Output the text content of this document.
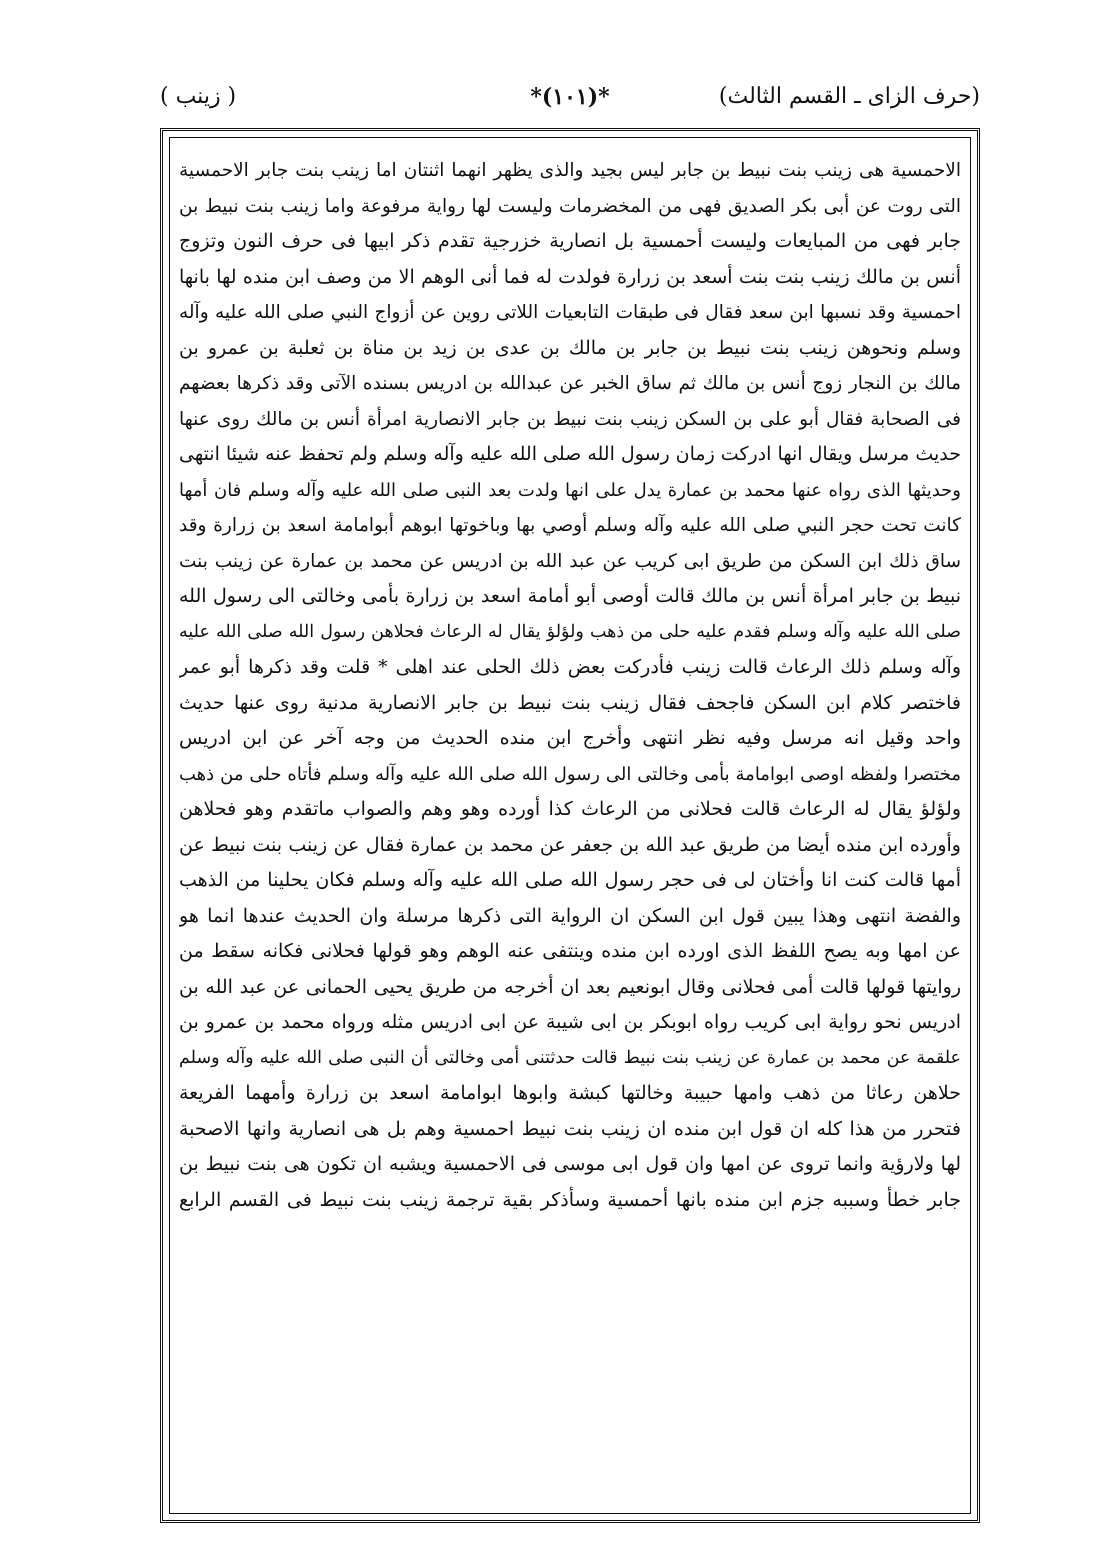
(حرف الزاى ـ القسم الثالث)
*(١٠١)*
( زينب )
الاحمسية هى زينب بنت نبيط بن جابر ليس بجيد والذى يظهر انهما اثنتان اما زينب بنت جابر الاحمسية
التى روت عن أبى بكر الصديق فهى من المخضرمات وليست لها رواية مرفوعة واما زينب بنت نبيط بن
جابر فهى من المبايعات وليست أحمسية بل انصارية خزرجية تقدم ذكر ابيها فى حرف النون وتزوج
أنس بن مالك زينب بنت بنت أسعد بن زرارة فولدت له فما أنى الوهم الا من وصف ابن منده لها بانها
احمسية وقد نسبها ابن سعد فقال فى طبقات التابعيات اللاتى روين عن أزواج النبي صلى الله عليه وآله
وسلم ونحوهن زينب بنت نبيط بن جابر بن مالك بن عدى بن زيد بن مناة بن ثعلبة بن عمرو بن
مالك بن النجار زوج أنس بن مالك ثم ساق الخبر عن عبدالله بن ادريس بسنده الآتى وقد ذكرها بعضهم
فى الصحابة فقال أبو على بن السكن زينب بنت نبيط بن جابر الانصارية امرأة أنس بن مالك روى عنها
حديث مرسل ويقال انها ادركت زمان رسول الله صلى الله عليه وآله وسلم ولم تحفظ عنه شيئا انتهى
وحديثها الذى رواه عنها محمد بن عمارة يدل على انها ولدت بعد النبى صلى الله عليه وآله وسلم فان أمها
كانت تحت حجر النبي صلى الله عليه وآله وسلم أوصي بها وباخوتها ابوهم أبوامامة اسعد بن زرارة وقد
ساق ذلك ابن السكن من طريق ابى كريب عن عبد الله بن ادريس عن محمد بن عمارة عن زينب بنت
نبيط بن جابر امرأة أنس بن مالك قالت أوصى أبو أمامة اسعد بن زرارة بأمى وخالتى الى رسول الله
صلى الله عليه وآله وسلم فقدم عليه حلى من ذهب ولؤلؤ يقال له الرعاث فحلاهن رسول الله صلى الله عليه
وآله وسلم ذلك الرعاث قالت زينب فأدركت بعض ذلك الحلى عند اهلى * قلت وقد ذكرها أبو عمر
فاختصر كلام ابن السكن فاجحف فقال زينب بنت نبيط بن جابر الانصارية مدنية روى عنها حديث
واحد وقيل انه مرسل وفيه نظر انتهى وأخرج ابن منده الحديث من وجه آخر عن ابن ادريس
مختصرا ولفظه اوصى ابوامامة بأمى وخالتى الى رسول الله صلى الله عليه وآله وسلم فأتاه حلى من ذهب
ولؤلؤ يقال له الرعاث قالت فحلانى من الرعاث كذا أورده وهو وهم والصواب ماتقدم وهو فحلاهن
وأورده ابن منده أيضا من طريق عبد الله بن جعفر عن محمد بن عمارة فقال عن زينب بنت نبيط عن
أمها قالت كنت انا وأختان لى فى حجر رسول الله صلى الله عليه وآله وسلم فكان يحلينا من الذهب
والفضة انتهى وهذا يبين قول ابن السكن ان الرواية التى ذكرها مرسلة وان الحديث عندها انما هو
عن امها وبه يصح اللفظ الذى اورده ابن منده وينتفى عنه الوهم وهو قولها فحلانى فكانه سقط من
روايتها قولها قالت أمى فحلانى وقال ابونعيم بعد ان أخرجه من طريق يحيى الحمانى عن عبد الله بن
ادريس نحو رواية ابى كريب رواه ابوبكر بن ابى شيبة عن ابى ادريس مثله ورواه محمد بن عمرو بن
علقمة عن محمد بن عمارة عن زينب بنت نبيط قالت حدثتنى أمى وخالتى أن النبى صلى الله عليه وآله وسلم
حلاهن رعاثا من ذهب وامها حبيبة وخالتها كبشة وابوها ابوامامة اسعد بن زرارة وأمهما الفريعة
فتحرر من هذا كله ان قول ابن منده ان زينب بنت نبيط احمسية وهم بل هى انصارية وانها الاصحبة
لها ولارؤية وانما تروى عن امها وان قول ابى موسى فى الاحمسية ويشبه ان تكون هى بنت نبيط بن
جابر خطأ وسببه جزم ابن منده بانها أحمسية وسأذكر بقية ترجمة زينب بنت نبيط فى القسم الرابع
